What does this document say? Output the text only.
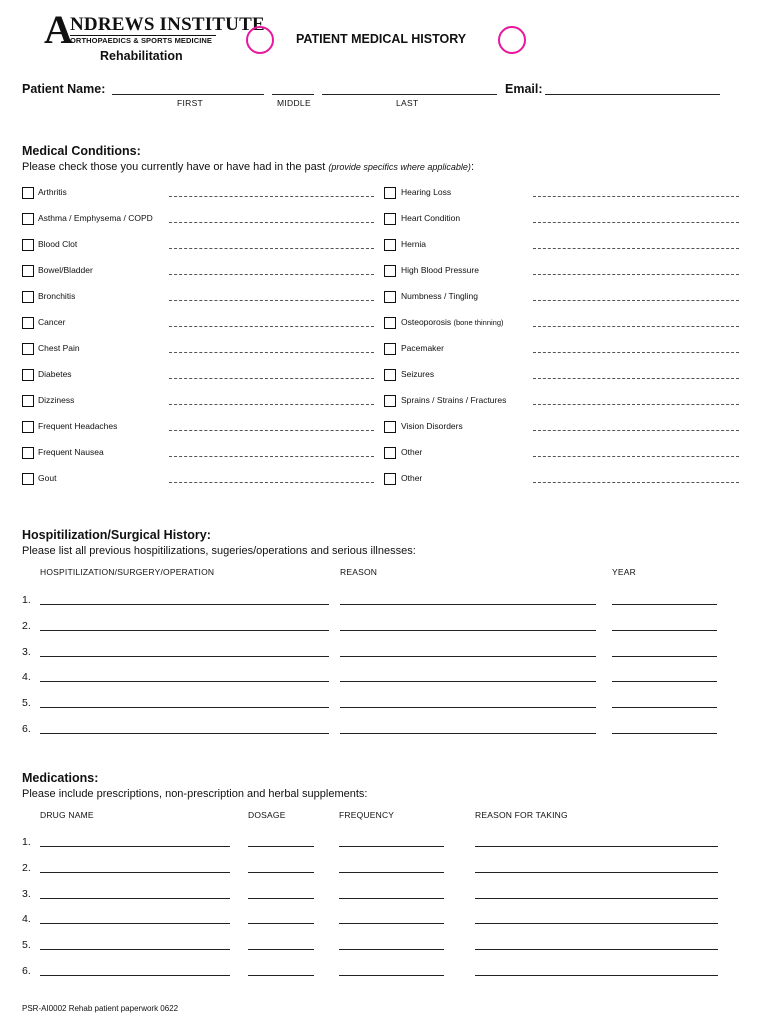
A
NDREWS INSTITUTE
ORTHOPAEDICS & SPORTS MEDICINE
Rehabilitation
PATIENT MEDICAL HISTORY
Patient Name:
FIRST	MIDDLE	LAST
Email:
Medical Conditions:
Please check those you currently have or have had in the past (provide specifics where applicable):
Arthritis
Asthma / Emphysema / COPD
Blood Clot
Bowel/Bladder
Bronchitis
Cancer
Chest Pain
Diabetes
Dizziness
Frequent Headaches
Frequent Nausea
Gout
Hearing Loss
Heart Condition
Hernia
High Blood Pressure
Numbness / Tingling
Osteoporosis (bone thinning)
Pacemaker
Seizures
Sprains / Strains / Fractures
Vision Disorders
Other
Other
Hospitilization/Surgical History:
Please list all previous hospitilizations, sugeries/operations and serious illnesses:
HOSPITILIZATION/SURGERY/OPERATION	REASON	YEAR
1.
2.
3.
4.
5.
6.
Medications:
Please include prescriptions, non-prescription and herbal supplements:
DRUG NAME	DOSAGE	FREQUENCY	REASON FOR TAKING
1.
2.
3.
4.
5.
6.
PSR-AI0002 Rehab patient paperwork 0622
